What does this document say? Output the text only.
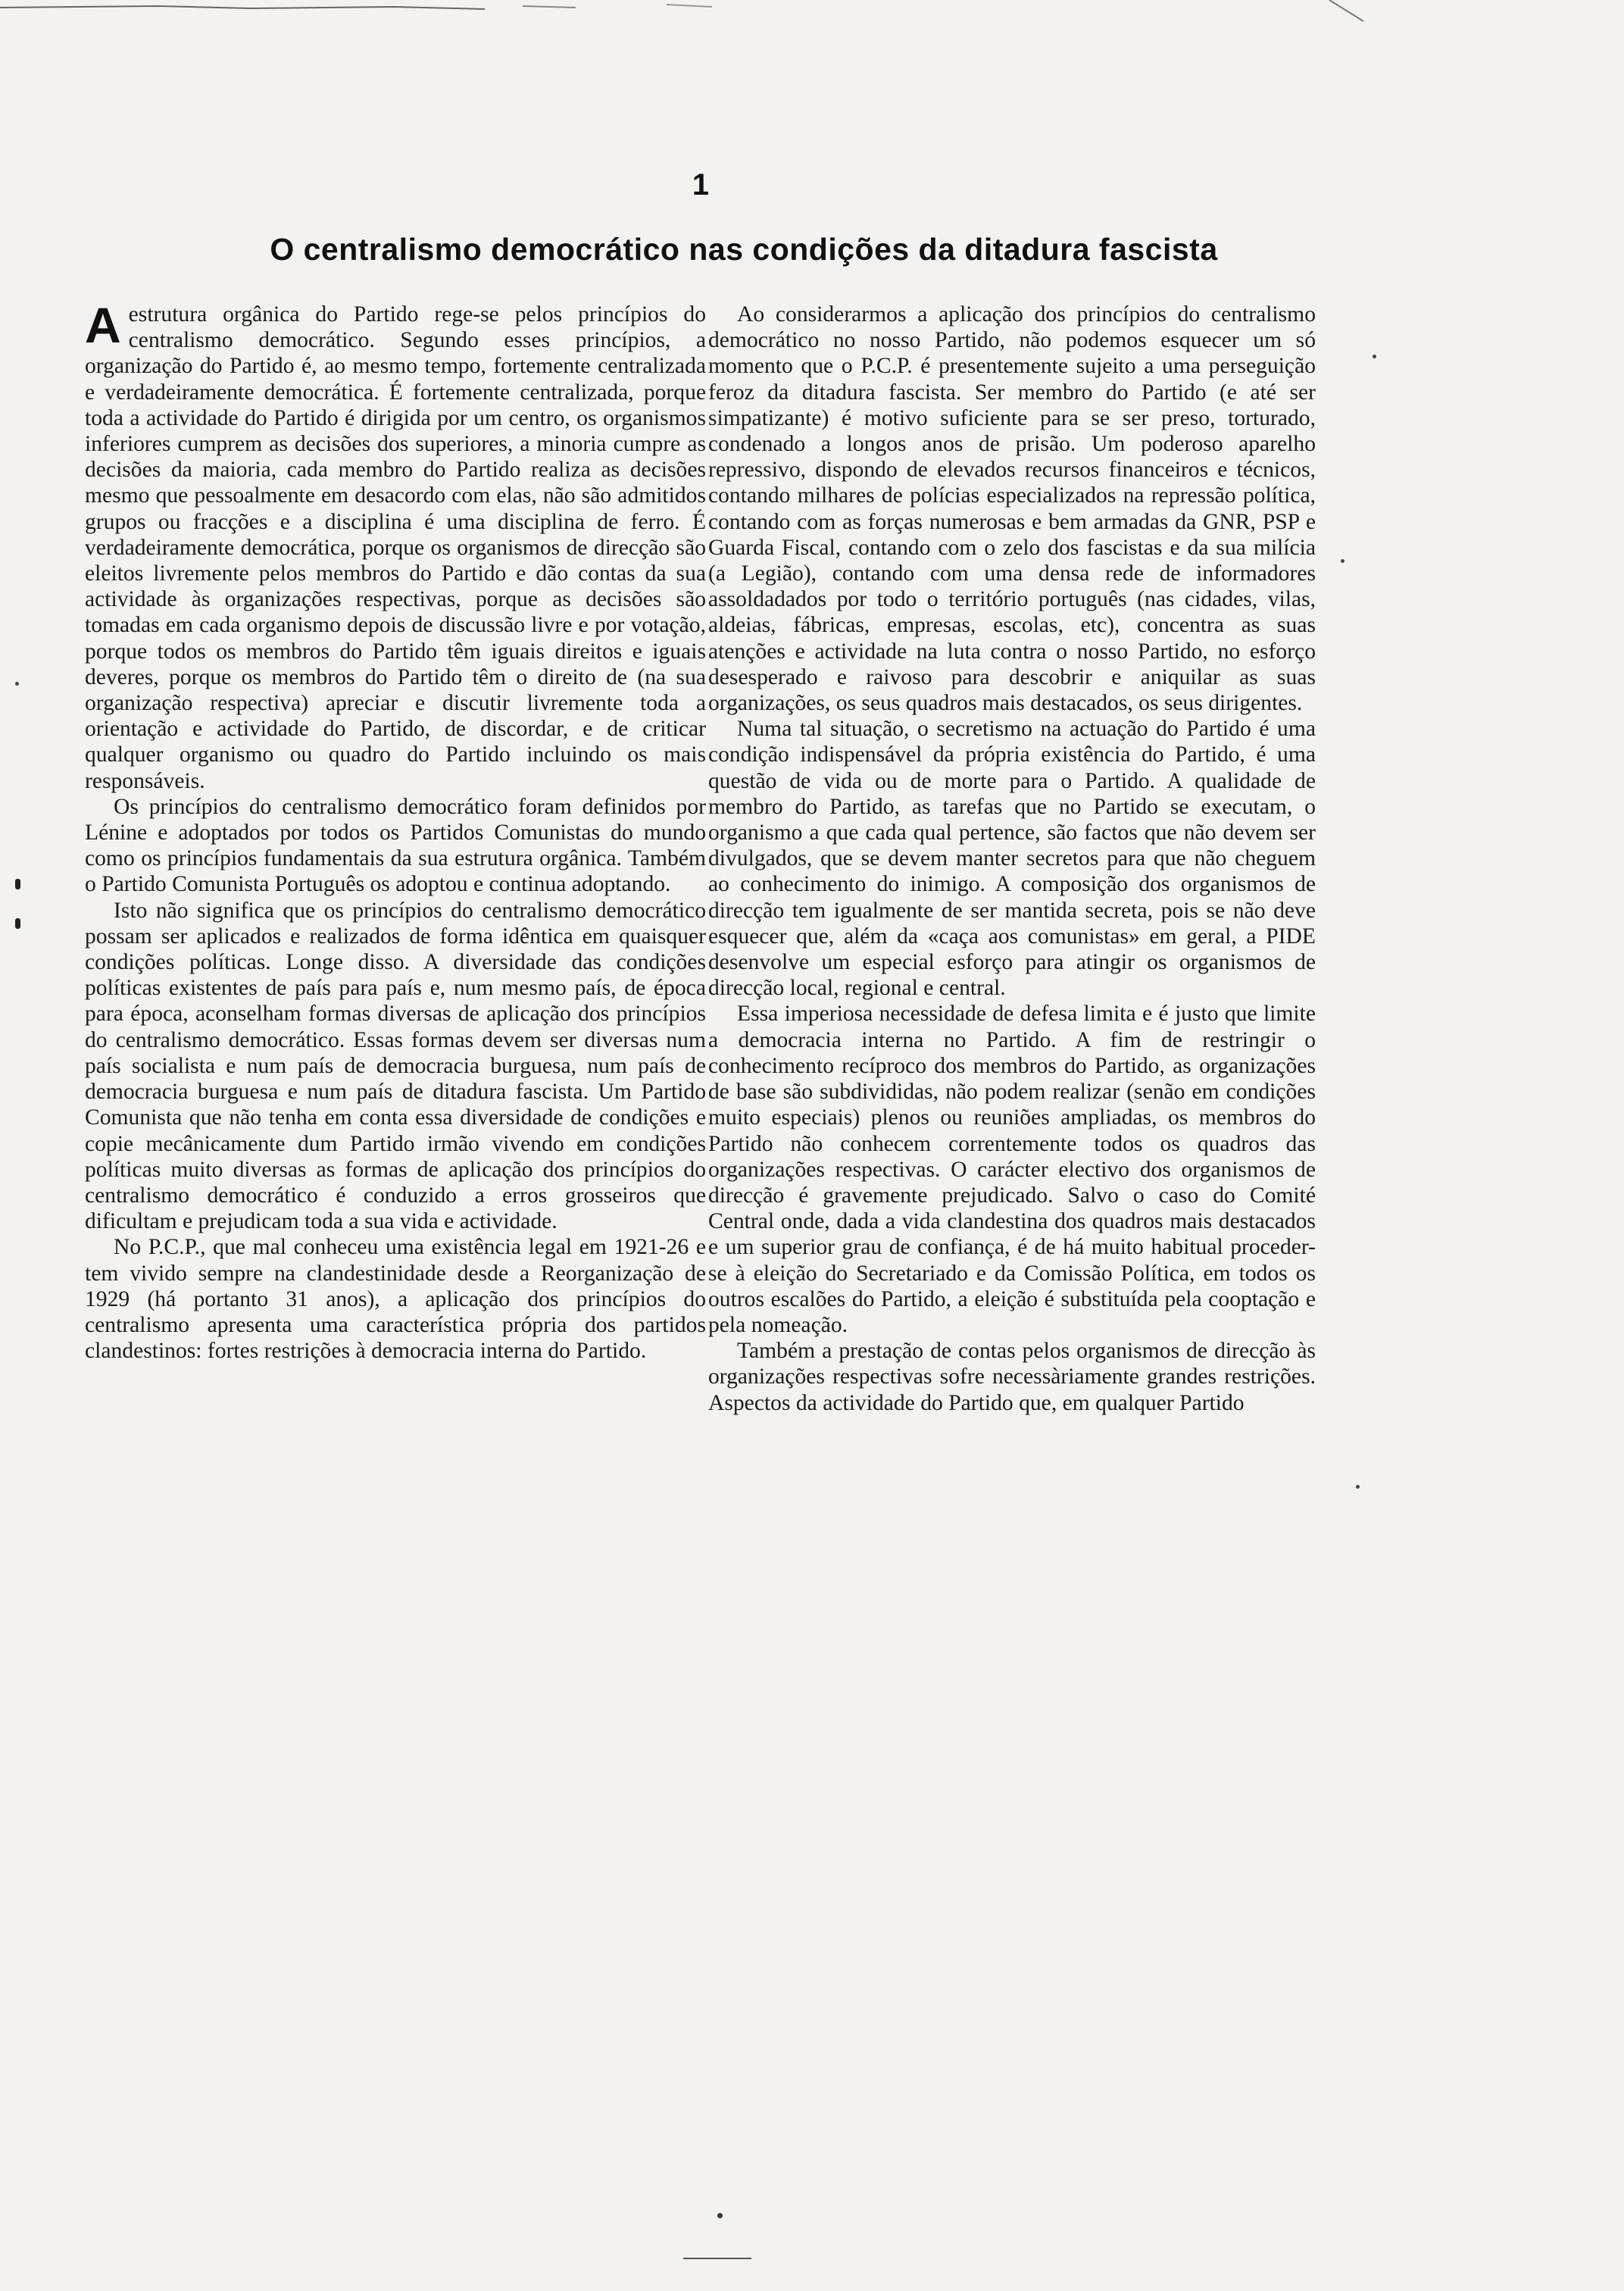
1
O centralismo democrático nas condições da ditadura fascista

Aestrutura orgânica do Partido rege-se pelos princípios do centralismo democrático. Segundo esses princípios, a organização do Partido é, ao mesmo tempo, fortemente centralizada e verdadeiramente democrática. É fortemente centralizada, porque toda a actividade do Partido é dirigida por um centro, os organismos inferiores cumprem as decisões dos superiores, a minoria cumpre as decisões da maioria, cada membro do Partido realiza as decisões mesmo que pessoalmente em desacordo com elas, não são admitidos grupos ou fracções e a disciplina é uma disciplina de ferro. É verdadeiramente democrática, porque os organismos de direcção são eleitos livremente pelos membros do Partido e dão contas da sua actividade às organizações respectivas, porque as decisões são tomadas em cada organismo depois de discussão livre e por votação, porque todos os membros do Partido têm iguais direitos e iguais deveres, porque os membros do Partido têm o direito de (na sua organização respectiva) apreciar e discutir livremente toda a orientação e actividade do Partido, de discordar, e de criticar qualquer organismo ou quadro do Partido incluindo os mais responsáveis.

Os princípios do centralismo democrático foram definidos por Lénine e adoptados por todos os Partidos Comunistas do mundo como os princípios fundamentais da sua estrutura orgânica. Também o Partido Comunista Português os adoptou e continua adoptando.

Isto não significa que os princípios do centralismo democrático possam ser aplicados e realizados de forma idêntica em quaisquer condições políticas. Longe disso. A diversidade das condições políticas existentes de país para país e, num mesmo país, de época para época, aconselham formas diversas de aplicação dos princípios do centralismo democrático. Essas formas devem ser diversas num país socialista e num país de democracia burguesa, num país de democracia burguesa e num país de ditadura fascista. Um Partido Comunista que não tenha em conta essa diversidade de condições e copie mecânicamente dum Partido irmão vivendo em condições políticas muito diversas as formas de aplicação dos princípios do centralismo democrático é conduzido a erros grosseiros que dificultam e prejudicam toda a sua vida e actividade.

No P.C.P., que mal conheceu uma existência legal em 1921-26 e tem vivido sempre na clandestinidade desde a Reorganização de 1929 (há portanto 31 anos), a aplicação dos princípios do centralismo apresenta uma característica própria dos partidos clandestinos: fortes restrições à democracia interna do Partido.

Ao considerarmos a aplicação dos princípios do centralismo democrático no nosso Partido, não podemos esquecer um só momento que o P.C.P. é presentemente sujeito a uma perseguição feroz da ditadura fascista. Ser membro do Partido (e até ser simpatizante) é motivo suficiente para se ser preso, torturado, condenado a longos anos de prisão. Um poderoso aparelho repressivo, dispondo de elevados recursos financeiros e técnicos, contando milhares de polícias especializados na repressão política, contando com as forças numerosas e bem armadas da GNR, PSP e Guarda Fiscal, contando com o zelo dos fascistas e da sua milícia (a Legião), contando com uma densa rede de informadores assoldadados por todo o território português (nas cidades, vilas, aldeias, fábricas, empresas, escolas, etc), concentra as suas atenções e actividade na luta contra o nosso Partido, no esforço desesperado e raivoso para descobrir e aniquilar as suas organizações, os seus quadros mais destacados, os seus dirigentes.

Numa tal situação, o secretismo na actuação do Partido é uma condição indispensável da própria existência do Partido, é uma questão de vida ou de morte para o Partido. A qualidade de membro do Partido, as tarefas que no Partido se executam, o organismo a que cada qual pertence, são factos que não devem ser divulgados, que se devem manter secretos para que não cheguem ao conhecimento do inimigo. A composição dos organismos de direcção tem igualmente de ser mantida secreta, pois se não deve esquecer que, além da «caça aos comunistas» em geral, a PIDE desenvolve um especial esforço para atingir os organismos de direcção local, regional e central.

Essa imperiosa necessidade de defesa limita e é justo que limite a democracia interna no Partido. A fim de restringir o conhecimento recíproco dos membros do Partido, as organizações de base são subdivididas, não podem realizar (senão em condições muito especiais) plenos ou reuniões ampliadas, os membros do Partido não conhecem correntemente todos os quadros das organizações respectivas. O carácter electivo dos organismos de direcção é gravemente prejudicado. Salvo o caso do Comité Central onde, dada a vida clandestina dos quadros mais destacados e um superior grau de confiança, é de há muito habitual proceder-se à eleição do Secretariado e da Comissão Política, em todos os outros escalões do Partido, a eleição é substituída pela cooptação e pela nomeação.

Também a prestação de contas pelos organismos de direcção às organizações respectivas sofre necessàriamente grandes restrições. Aspectos da actividade do Partido que, em qualquer Partido
